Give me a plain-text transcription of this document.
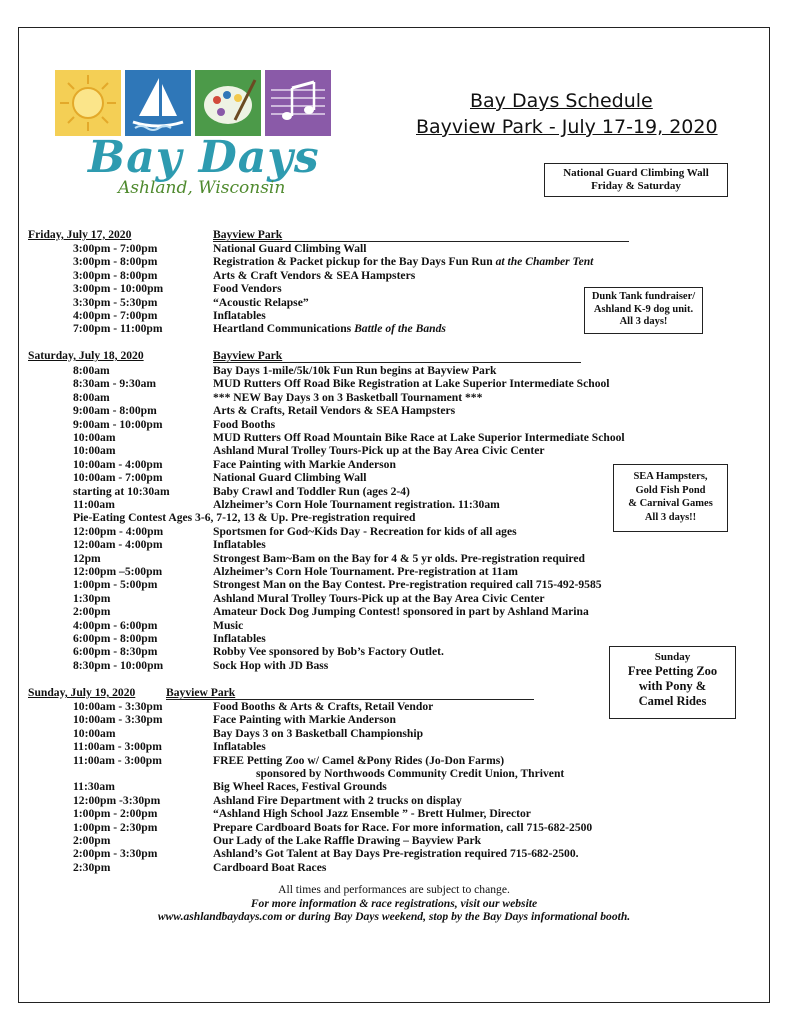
Bay Days
Ashland, Wisconsin
Bay Days Schedule
Bayview Park - July 17-19, 2020
National Guard Climbing Wall
Friday & Saturday
Dunk Tank fundraiser/
Ashland K-9 dog unit.
All 3 days!
SEA Hampsters,
Gold Fish Pond
& Carnival Games
All 3 days!!
Sunday
Free Petting Zoo
with Pony &
Camel Rides
Friday, July 17, 2020	Bayview Park
3:00pm - 7:00pm	National Guard Climbing Wall
3:00pm - 8:00pm	Registration & Packet pickup for the Bay Days Fun Run at the Chamber Tent
3:00pm - 8:00pm	Arts & Craft Vendors & SEA Hampsters
3:00pm - 10:00pm	Food Vendors
3:30pm - 5:30pm	“Acoustic Relapse”
4:00pm - 7:00pm	Inflatables
7:00pm - 11:00pm	Heartland Communications Battle of the Bands
Saturday, July 18, 2020	Bayview Park
8:00am	Bay Days 1-mile/5k/10k Fun Run begins at Bayview Park
8:30am - 9:30am	MUD Rutters Off Road Bike Registration at Lake Superior Intermediate School
8:00am	*** NEW Bay Days 3 on 3 Basketball Tournament ***
9:00am - 8:00pm	Arts & Crafts, Retail Vendors & SEA Hampsters
9:00am - 10:00pm	Food Booths
10:00am	MUD Rutters Off Road Mountain Bike Race at Lake Superior Intermediate School
10:00am	Ashland Mural Trolley Tours-Pick up at the Bay Area Civic Center
10:00am - 4:00pm	Face Painting with Markie Anderson
10:00am - 7:00pm	National Guard Climbing Wall
starting at 10:30am	Baby Crawl and Toddler Run (ages 2-4)
11:00am	Alzheimer’s Corn Hole Tournament registration. 11:30am
Pie-Eating Contest Ages 3-6, 7-12, 13 & Up. Pre-registration required
12:00pm - 4:00pm	Sportsmen for God~Kids Day - Recreation for kids of all ages
12:00am - 4:00pm	Inflatables
12pm	Strongest Bam~Bam on the Bay for 4 & 5 yr olds. Pre-registration required
12:00pm –5:00pm	Alzheimer’s Corn Hole Tournament. Pre-registration at 11am
1:00pm - 5:00pm	Strongest Man on the Bay Contest. Pre-registration required call 715-492-9585
1:30pm	Ashland Mural Trolley Tours-Pick up at the Bay Area Civic Center
2:00pm	Amateur Dock Dog Jumping Contest! sponsored in part by Ashland Marina
4:00pm - 6:00pm	Music
6:00pm - 8:00pm	Inflatables
6:00pm - 8:30pm	Robby Vee sponsored by Bob’s Factory Outlet.
8:30pm - 10:00pm	Sock Hop with JD Bass
Sunday, July 19, 2020	Bayview Park
10:00am - 3:30pm	Food Booths & Arts & Crafts, Retail Vendor
10:00am - 3:30pm	Face Painting with Markie Anderson
10:00am	Bay Days 3 on 3 Basketball Championship
11:00am - 3:00pm	Inflatables
11:00am - 3:00pm	FREE Petting Zoo w/ Camel &Pony Rides (Jo-Don Farms)
sponsored by Northwoods Community Credit Union, Thrivent
11:30am	Big Wheel Races, Festival Grounds
12:00pm -3:30pm	Ashland Fire Department with 2 trucks on display
1:00pm - 2:00pm	“Ashland High School Jazz Ensemble ” - Brett Hulmer, Director
1:00pm - 2:30pm	Prepare Cardboard Boats for Race. For more information, call 715-682-2500
2:00pm	Our Lady of the Lake Raffle Drawing – Bayview Park
2:00pm - 3:30pm	Ashland’s Got Talent at Bay Days Pre-registration required 715-682-2500.
2:30pm	Cardboard Boat Races
All times and performances are subject to change.
For more information & race registrations, visit our website
www.ashlandbaydays.com or during Bay Days weekend, stop by the Bay Days informational booth.
